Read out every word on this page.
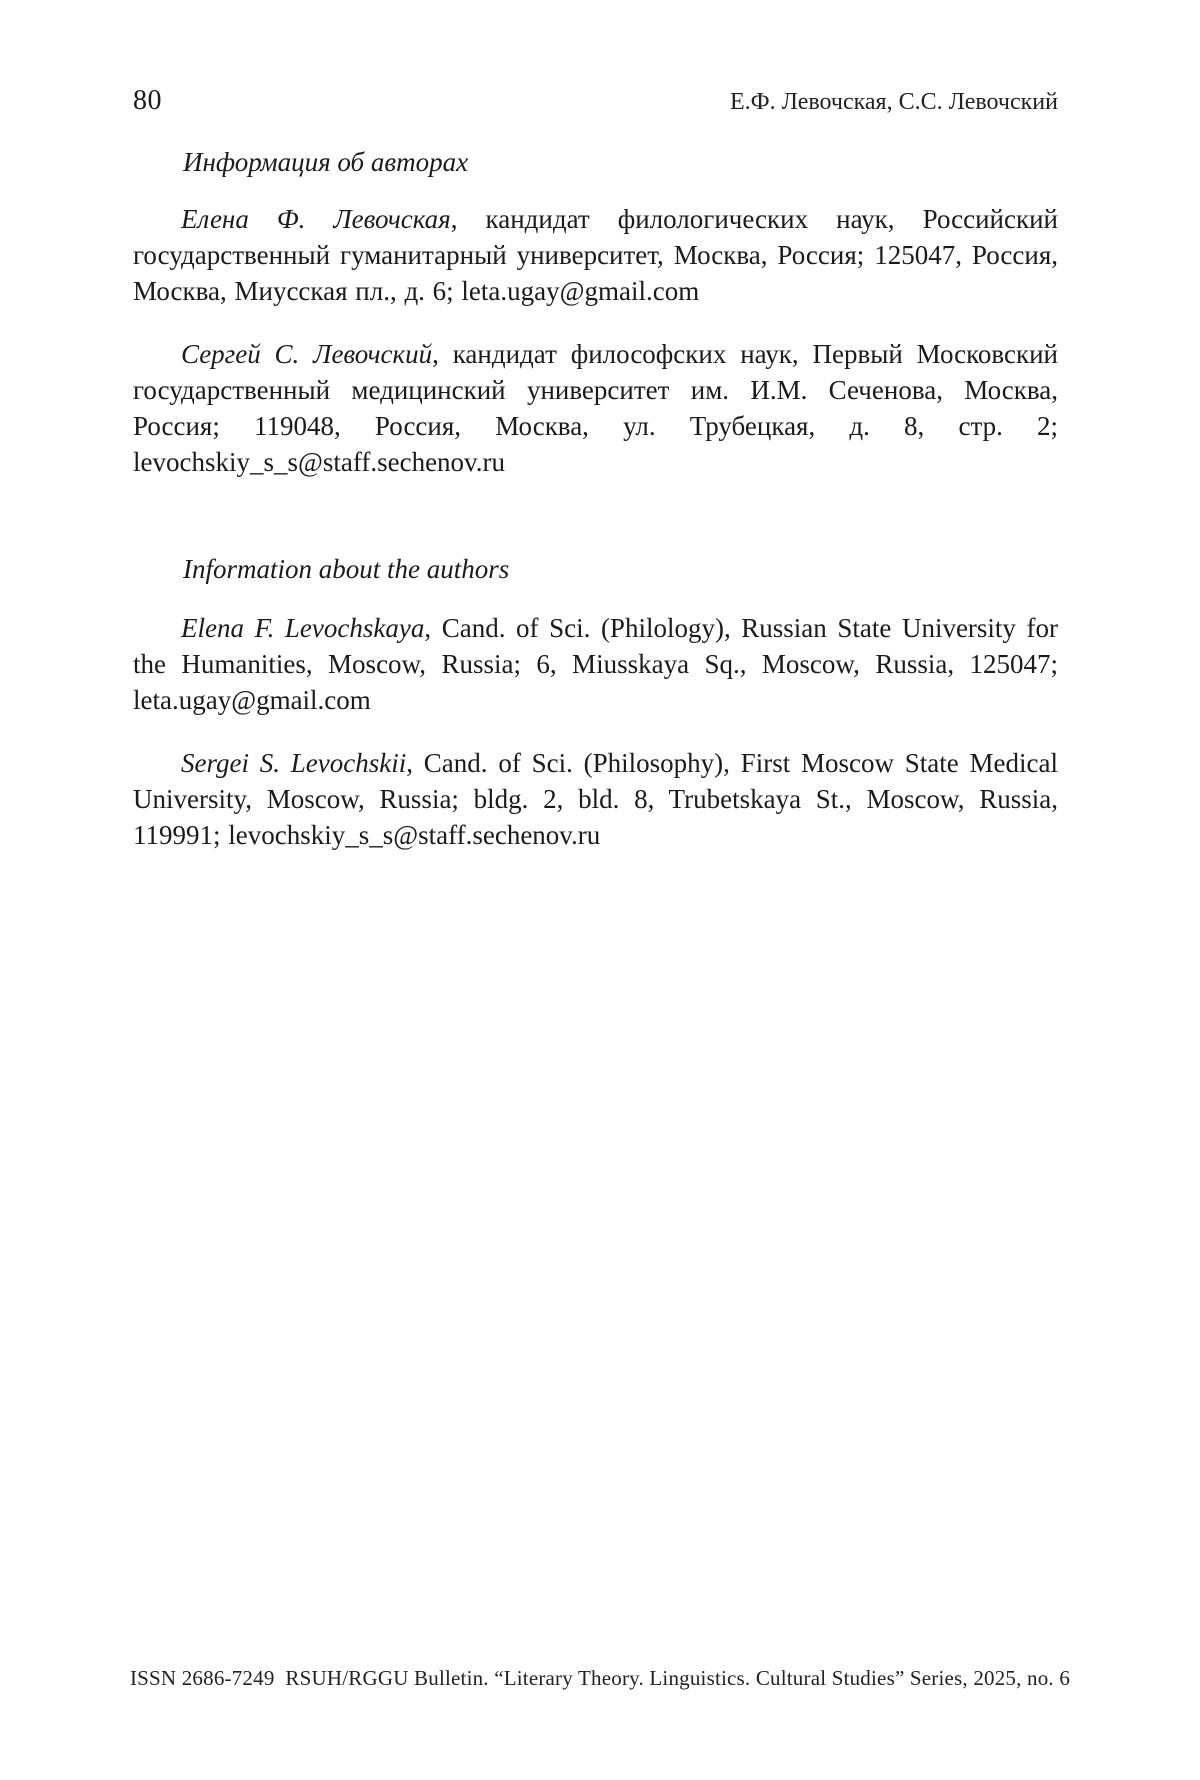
80	Е.Ф. Левочская, С.С. Левочский
Информация об авторах

Елена Ф. Левочская, кандидат филологических наук, Российский государственный гуманитарный университет, Москва, Россия; 125047, Россия, Москва, Миусская пл., д. 6; leta.ugay@gmail.com

Сергей С. Левочский, кандидат философских наук, Первый Московский государственный медицинский университет им. И.М. Сеченова, Москва, Россия; 119048, Россия, Москва, ул. Трубецкая, д. 8, стр. 2; levochskiy_s_s@staff.sechenov.ru

Information about the authors

Elena F. Levochskaya, Cand. of Sci. (Philology), Russian State University for the Humanities, Moscow, Russia; 6, Miusskaya Sq., Moscow, Russia, 125047; leta.ugay@gmail.com

Sergei S. Levochskii, Cand. of Sci. (Philosophy), First Moscow State Medical University, Moscow, Russia; bldg. 2, bld. 8, Trubetskaya St., Moscow, Russia, 119991; levochskiy_s_s@staff.sechenov.ru

ISSN 2686-7249  RSUH/RGGU Bulletin. “Literary Theory. Linguistics. Cultural Studies” Series, 2025, no. 6
